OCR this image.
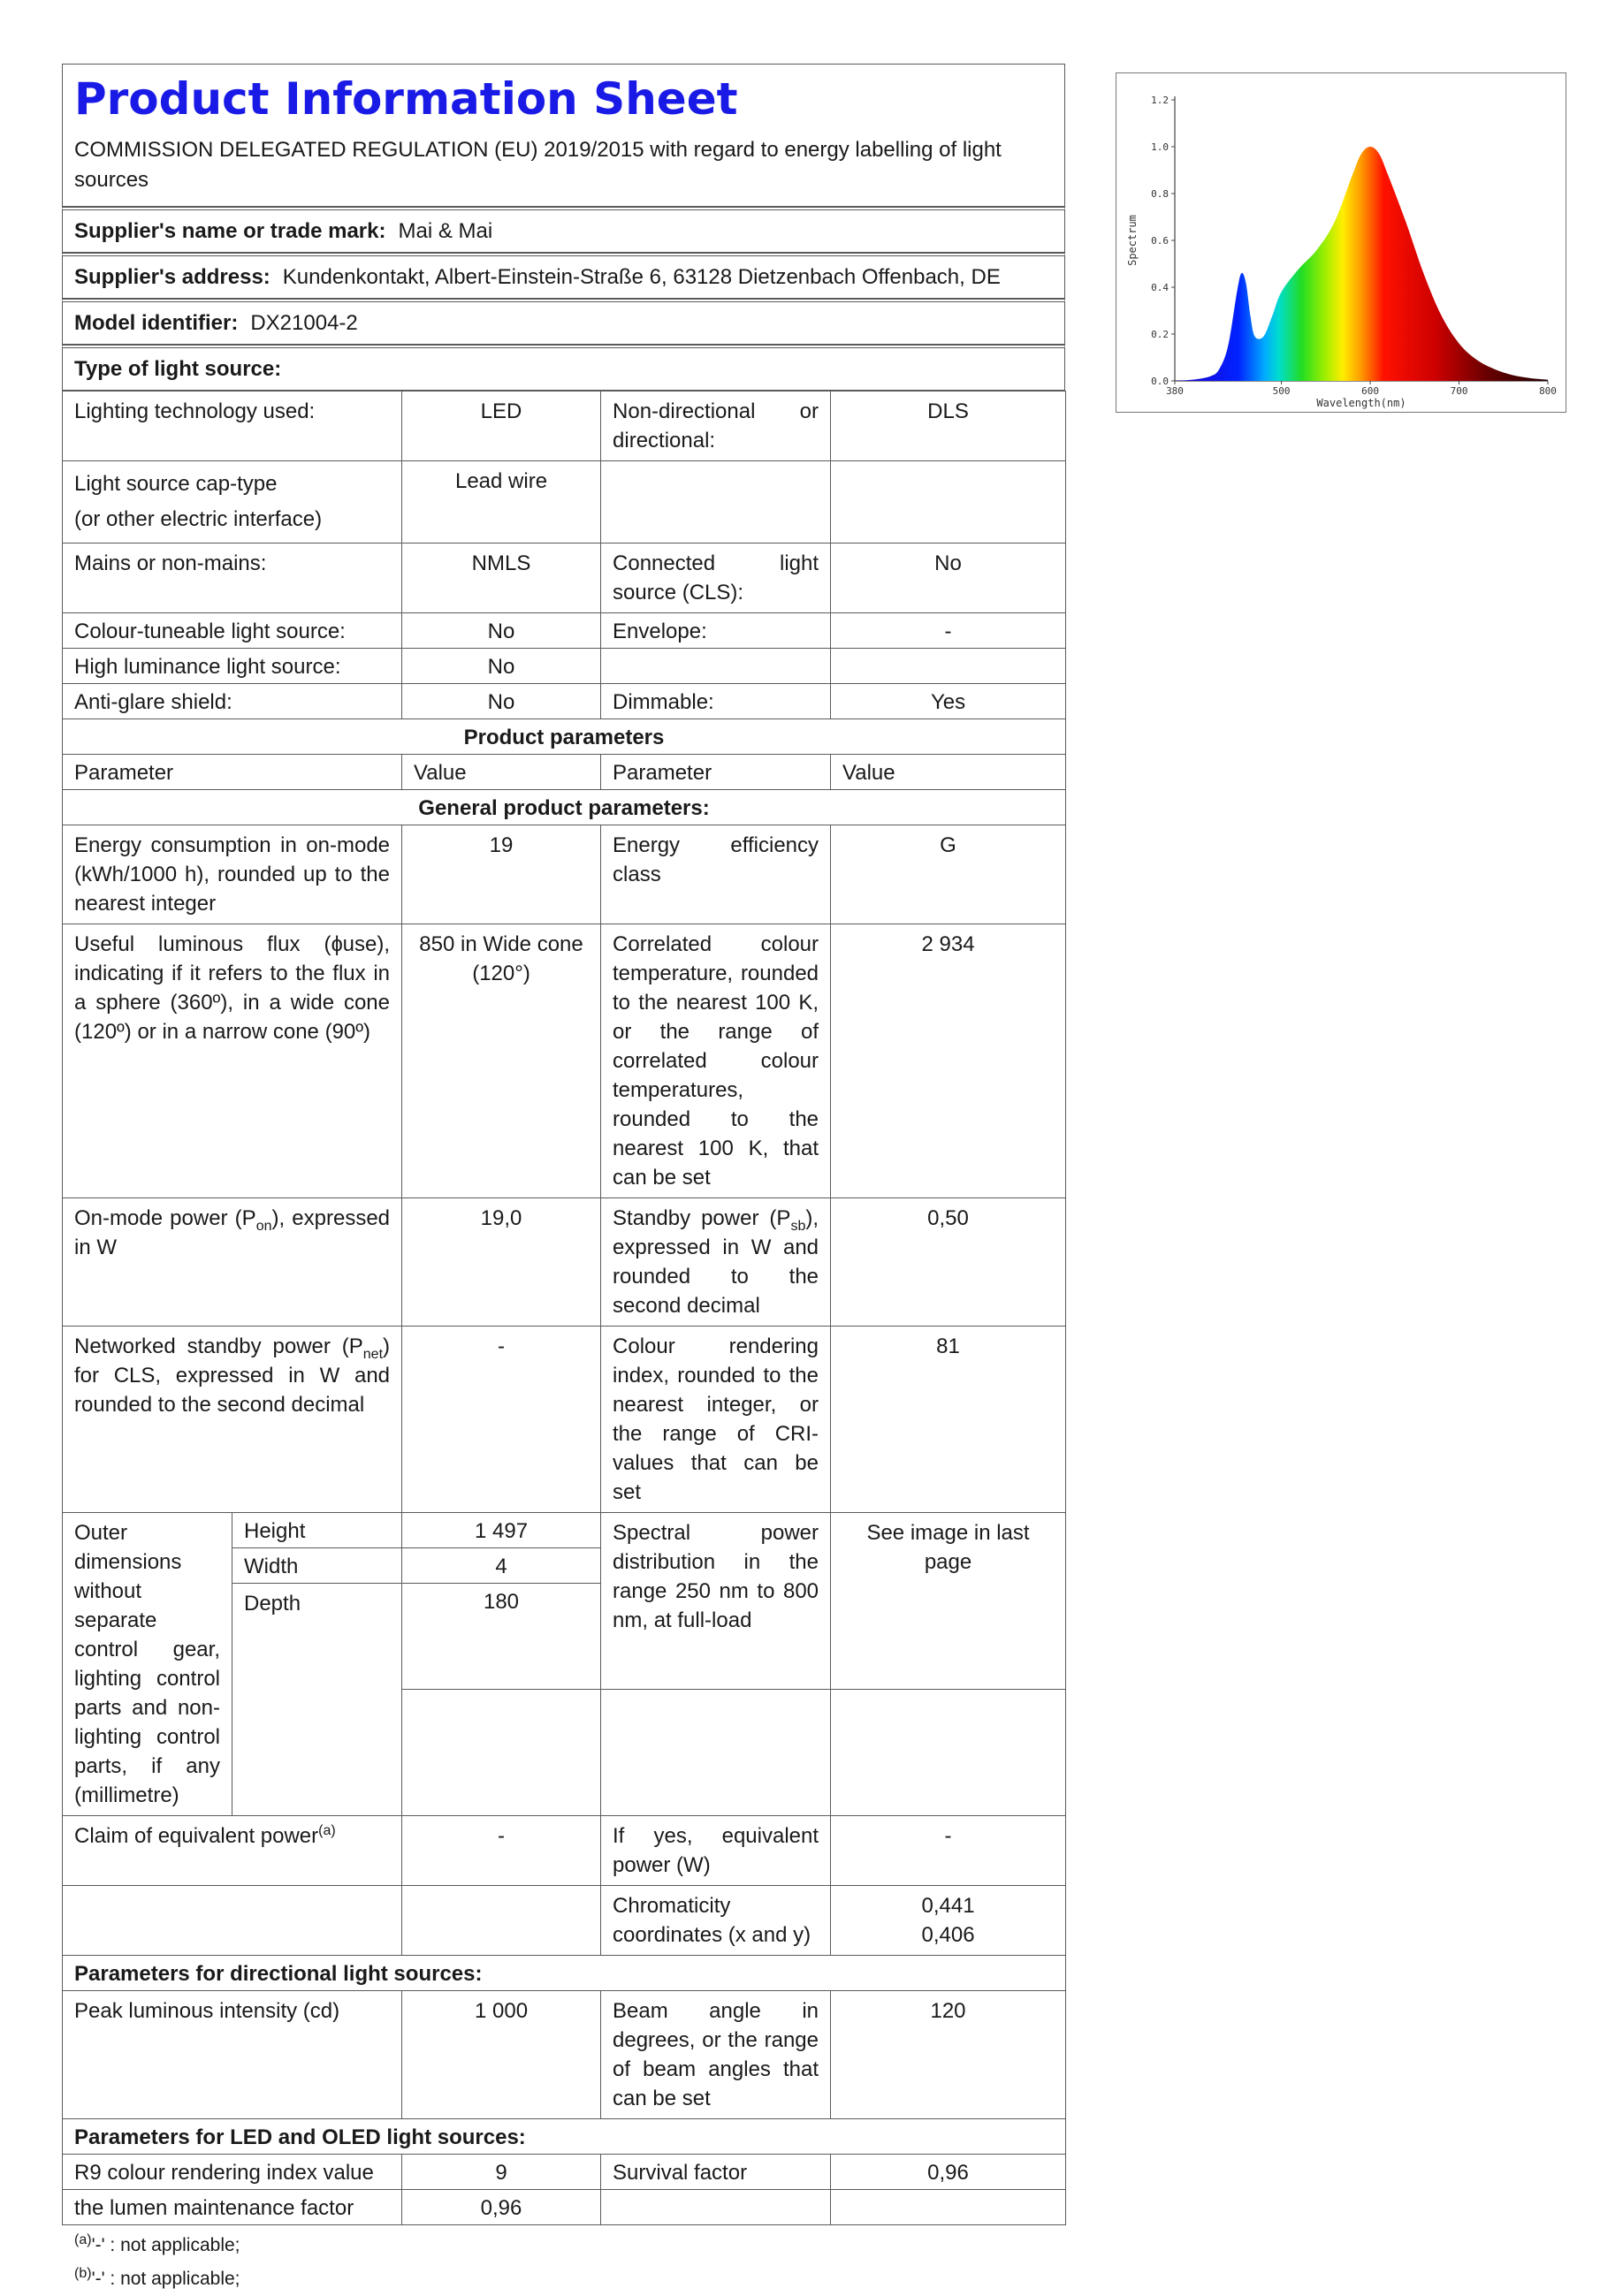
Product Information Sheet
COMMISSION DELEGATED REGULATION (EU) 2019/2015 with regard to energy labelling of light sources
Supplier's name or trade mark: Mai & Mai
Supplier's address: Kundenkontakt, Albert-Einstein-Straße 6, 63128 Dietzenbach Offenbach, DE
Model identifier: DX21004-2
Type of light source:
Lighting technology used:		LED	Non-directional or directional:	DLS
Light source cap-type
(or other electric interface)		Lead wire		
Mains or non-mains:		NMLS	Connected light source (CLS):	No
Colour-tuneable light source:		No	Envelope:	-
High luminance light source:		No		
Anti-glare shield:		No	Dimmable:	Yes
Product parameters				
Parameter		Value	Parameter	Value
General product parameters:				
Energy consumption in on-mode (kWh/1000 h), rounded up to the nearest integer		19	Energy efficiency class	G
Useful luminous flux (ɸuse), indicating if it refers to the flux in a sphere (360º), in a wide cone (120º) or in a narrow cone (90º)		850 in Wide cone (120°)	Correlated colour temperature, rounded to the nearest 100 K, or the range of correlated colour temperatures, rounded to the nearest 100 K, that can be set	2 934
On-mode power $(P_{on})$, expressed in W		19,0	Standby power $(P_{sb})$, expressed in W and rounded to the second decimal	0,50
Networked standby power $(P_{net})$ for CLS, expressed in W and rounded to the second decimal		-	Colour rendering index, rounded to the nearest integer, or the range of CRI-values that can be set	81
Outer dimensions without separate control gear, lighting control parts and non-lighting control parts, if any (millimetre)	Height	1 497	Spectral power distribution in the range 250 nm to 800 nm, at full-load	See image in last page
	Width	4		
	Depth	180		

Claim of equivalent power$^{(a)}$		-	If yes, equivalent power (W)	-
			Chromaticity coordinates (x and y)	0,441
0,406
Parameters for directional light sources:				
Peak luminous intensity (cd)		1 000	Beam angle in degrees, or the range of beam angles that can be set	120
Parameters for LED and OLED light sources:				
R9 colour rendering index value		9	Survival factor	0,96
the lumen maintenance factor		0,96		
$^{(a)}$'-' : not applicable;
$^{(b)}$'-' : not applicable;
0.0
0.2
0.4
0.6
0.8
1.0
1.2
380	500	600	700	800
Wavelength(nm)
Spectrum
